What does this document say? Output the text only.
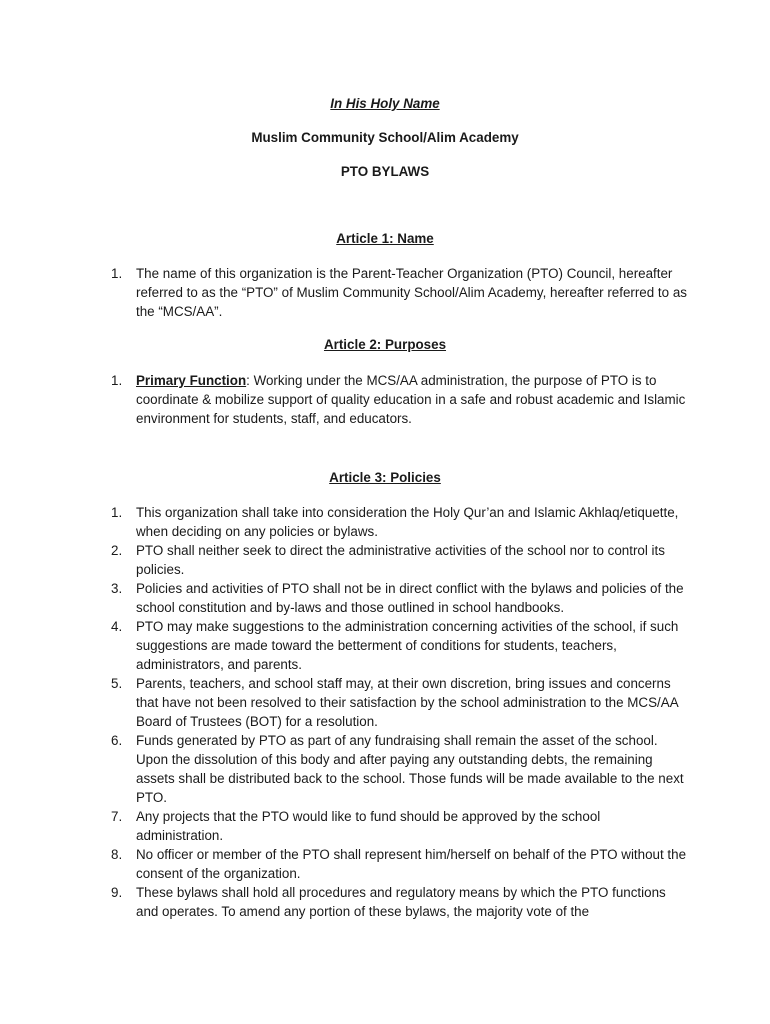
In His Holy Name
Muslim Community School/Alim Academy
PTO BYLAWS
Article 1: Name
1. The name of this organization is the Parent-Teacher Organization (PTO) Council, hereafter referred to as the “PTO” of Muslim Community School/Alim Academy, hereafter referred to as the “MCS/AA”.
Article 2: Purposes
1. Primary Function: Working under the MCS/AA administration, the purpose of PTO is to coordinate & mobilize support of quality education in a safe and robust academic and Islamic environment for students, staff, and educators.
Article 3: Policies
1. This organization shall take into consideration the Holy Qur’an and Islamic Akhlaq/etiquette, when deciding on any policies or bylaws.
2. PTO shall neither seek to direct the administrative activities of the school nor to control its policies.
3. Policies and activities of PTO shall not be in direct conflict with the bylaws and policies of the school constitution and by-laws and those outlined in school handbooks.
4. PTO may make suggestions to the administration concerning activities of the school, if such suggestions are made toward the betterment of conditions for students, teachers, administrators, and parents.
5. Parents, teachers, and school staff may, at their own discretion, bring issues and concerns that have not been resolved to their satisfaction by the school administration to the MCS/AA Board of Trustees (BOT) for a resolution.
6. Funds generated by PTO as part of any fundraising shall remain the asset of the school. Upon the dissolution of this body and after paying any outstanding debts, the remaining assets shall be distributed back to the school. Those funds will be made available to the next PTO.
7. Any projects that the PTO would like to fund should be approved by the school administration.
8. No officer or member of the PTO shall represent him/herself on behalf of the PTO without the consent of the organization.
9. These bylaws shall hold all procedures and regulatory means by which the PTO functions and operates. To amend any portion of these bylaws, the majority vote of the
